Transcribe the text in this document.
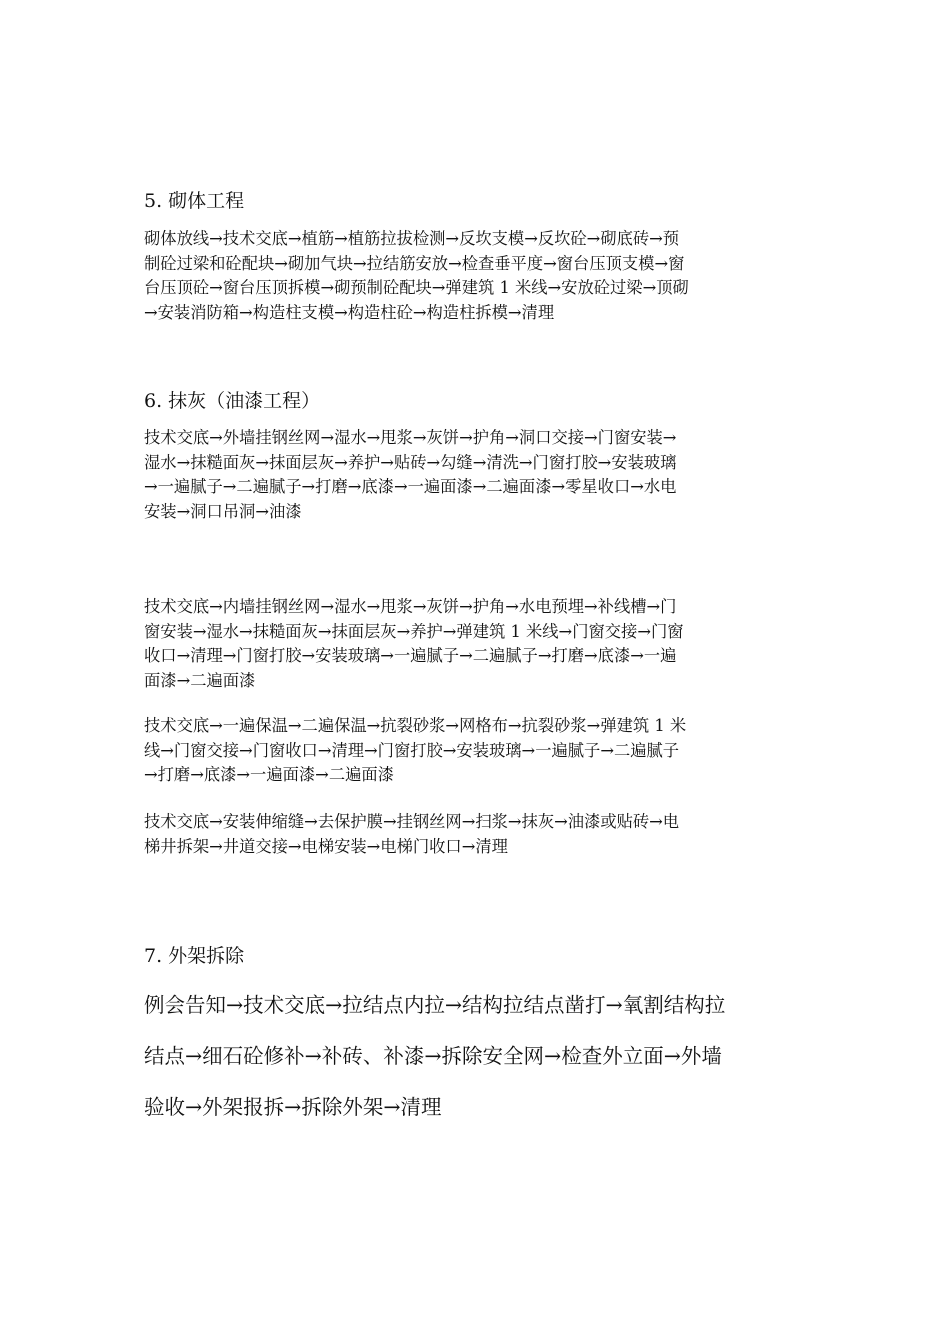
5. 砌体工程
砌体放线→技术交底→植筋→植筋拉拔检测→反坎支模→反坎砼→砌底砖→预
制砼过梁和砼配块→砌加气块→拉结筋安放→检查垂平度→窗台压顶支模→窗
台压顶砼→窗台压顶拆模→砌预制砼配块→弹建筑 1 米线→安放砼过梁→顶砌
→安装消防箱→构造柱支模→构造柱砼→构造柱拆模→清理
6. 抹灰（油漆工程）
技术交底→外墙挂钢丝网→湿水→甩浆→灰饼→护角→洞口交接→门窗安装→
湿水→抹糙面灰→抹面层灰→养护→贴砖→勾缝→清洗→门窗打胶→安装玻璃
→一遍腻子→二遍腻子→打磨→底漆→一遍面漆→二遍面漆→零星收口→水电
安装→洞口吊洞→油漆
技术交底→内墙挂钢丝网→湿水→甩浆→灰饼→护角→水电预埋→补线槽→门
窗安装→湿水→抹糙面灰→抹面层灰→养护→弹建筑 1 米线→门窗交接→门窗
收口→清理→门窗打胶→安装玻璃→一遍腻子→二遍腻子→打磨→底漆→一遍
面漆→二遍面漆
技术交底→一遍保温→二遍保温→抗裂砂浆→网格布→抗裂砂浆→弹建筑 1 米
线→门窗交接→门窗收口→清理→门窗打胶→安装玻璃→一遍腻子→二遍腻子
→打磨→底漆→一遍面漆→二遍面漆
技术交底→安装伸缩缝→去保护膜→挂钢丝网→扫浆→抹灰→油漆或贴砖→电
梯井拆架→井道交接→电梯安装→电梯门收口→清理
7. 外架拆除
例会告知→技术交底→拉结点内拉→结构拉结点凿打→氧割结构拉
结点→细石砼修补→补砖、补漆→拆除安全网→检查外立面→外墙
验收→外架报拆→拆除外架→清理
